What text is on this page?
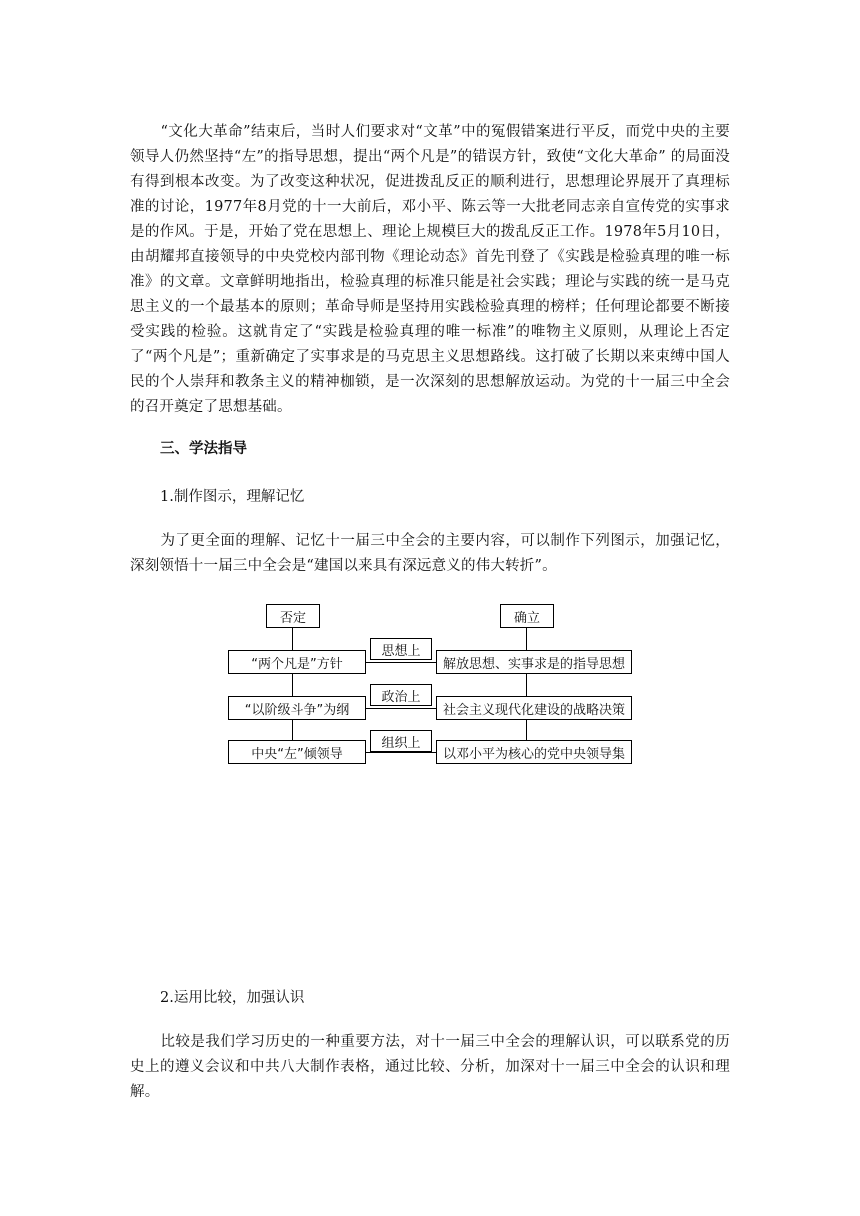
“文化大革命”结束后，当时人们要求对“文革”中的冤假错案进行平反，而党中央的主要领导人仍然坚持“左”的指导思想，提出“两个凡是”的错误方针，致使“文化大革命” 的局面没有得到根本改变。为了改变这种状况，促进拨乱反正的顺利进行，思想理论界展开了真理标准的讨论，1977年8月党的十一大前后，邓小平、陈云等一大批老同志亲自宣传党的实事求是的作风。于是，开始了党在思想上、理论上规模巨大的拨乱反正工作。1978年5月10日，由胡耀邦直接领导的中央党校内部刊物《理论动态》首先刊登了《实践是检验真理的唯一标准》的文章。文章鲜明地指出，检验真理的标准只能是社会实践；理论与实践的统一是马克思主义的一个最基本的原则；革命导师是坚持用实践检验真理的榜样；任何理论都要不断接受实践的检验。这就肯定了“实践是检验真理的唯一标准”的唯物主义原则，从理论上否定了“两个凡是”；重新确定了实事求是的马克思主义思想路线。这打破了长期以来束缚中国人民的个人崇拜和教条主义的精神枷锁，是一次深刻的思想解放运动。为党的十一届三中全会的召开奠定了思想基础。

三、学法指导
1.制作图示，理解记忆

为了更全面的理解、记忆十一届三中全会的主要内容，可以制作下列图示，加强记忆，深刻领悟十一届三中全会是“建国以来具有深远意义的伟大转折”。

否定	确立
“两个凡是”方针
思想上
解放思想、实事求是的指导思想
“以阶级斗争”为纲
政治上
社会主义现代化建设的战略决策
中央“左”倾领导
组织上
以邓小平为核心的党中央领导集
2.运用比较，加强认识

比较是我们学习历史的一种重要方法，对十一届三中全会的理解认识，可以联系党的历史上的遵义会议和中共八大制作表格，通过比较、分析，加深对十一届三中全会的认识和理解。
